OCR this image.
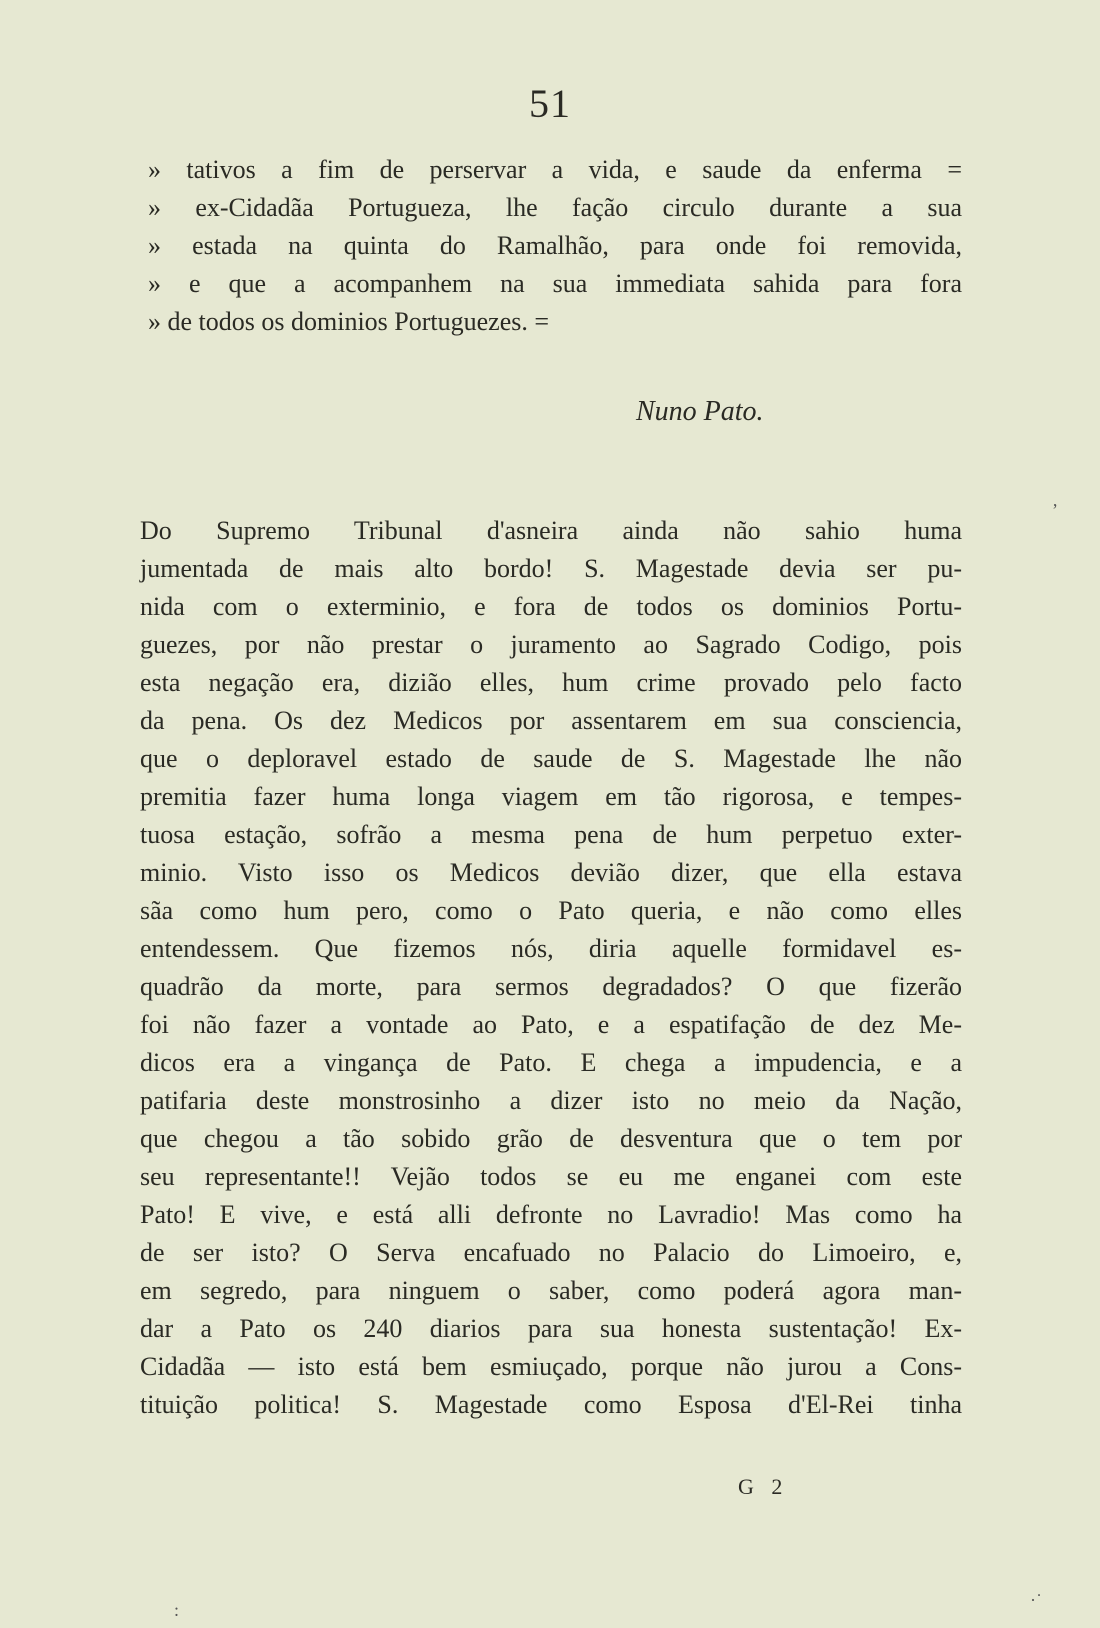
51
» tativos a fim de perservar a vida, e saude da enferma =
» ex-Cidadãa Portugueza, lhe fação circulo durante a sua
» estada na quinta do Ramalhão, para onde foi removida,
» e que a acompanhem na sua immediata sahida para fora
» de todos os dominios Portuguezes. =
Nuno Pato.
Do Supremo Tribunal d'asneira ainda não sahio huma
jumentada de mais alto bordo! S. Magestade devia ser pu-
nida com o exterminio, e fora de todos os dominios Portu-
guezes, por não prestar o juramento ao Sagrado Codigo, pois
esta negação era, dizião elles, hum crime provado pelo facto
da pena. Os dez Medicos por assentarem em sua consciencia,
que o deploravel estado de saude de S. Magestade lhe não
premitia fazer huma longa viagem em tão rigorosa, e tempes-
tuosa estação, sofrão a mesma pena de hum perpetuo exter-
minio. Visto isso os Medicos devião dizer, que ella estava
sãa como hum pero, como o Pato queria, e não como elles
entendessem. Que fizemos nós, diria aquelle formidavel es-
quadrão da morte, para sermos degradados? O que fizerão
foi não fazer a vontade ao Pato, e a espatifação de dez Me-
dicos era a vingança de Pato. E chega a impudencia, e a
patifaria deste monstrosinho a dizer isto no meio da Nação,
que chegou a tão sobido grão de desventura que o tem por
seu representante!! Vejão todos se eu me enganei com este
Pato! E vive, e está alli defronte no Lavradio! Mas como ha
de ser isto? O Serva encafuado no Palacio do Limoeiro, e,
em segredo, para ninguem o saber, como poderá agora man-
dar a Pato os 240 diarios para sua honesta sustentação! Ex-
Cidadãa — isto está bem esmiuçado, porque não jurou a Cons-
tituição politica! S. Magestade como Esposa d'El-Rei tinha
G 2
ʼ
:	·˙
